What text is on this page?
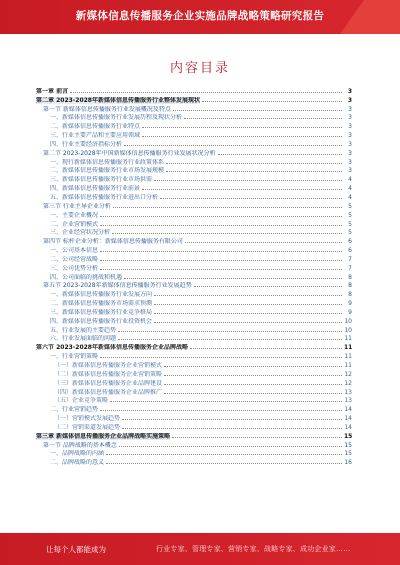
新媒体信息传播服务企业实施品牌战略策略研究报告
内容目录
第一章 前言	3
第二章 2023-2028年新媒体信息传播服务行业整体发展现状	3
第一节 新媒体信息传播服务行业发展概况及特点	3
一、新媒体信息传播服务行业发展历程及现状分析	3
二、新媒体信息传播服务行业特点	3
三、行业主要产品和主要应用领域	3
四、行业主要经济指标分析	3
第二节 2023-2028年中国新媒体信息传播服务行业发展状况分析	3
一、现行新媒体信息传播服务行业政策体系	3
二、新媒体信息传播服务行业市场发展规模	3
三、新媒体信息传播服务行业市场供需	4
四、新媒体信息传播服务行业前景	4
五、新媒体信息传播服务行业进出口分析	4
第三节 行业主导企业分析	5
一、主要企业概况	5
二、企业营销模式	5
三、企业经营状况分析	5
第四节 标杆企业分析：新媒体信息传播服务有限公司	6
一、公司基本信息	6
二、公司经营战略	7
三、公司优势分析	7
四、公司面临的挑战和机遇	8
第五节 2023-2028年新媒体信息传播服务行业发展趋势	8
一、新媒体信息传播服务行业发展方向	8
二、新媒体信息传播服务市场需求预测	9
三、新媒体信息传播服务行业竞争格局	9
四、新媒体信息传播服务行业投资机会	10
五、行业发展的主要趋势	10
六、行业发展面临的问题	11
第六节 2023-2028年新媒体信息传播服务企业品牌战略	11
一、行业营销策略	11
（一）新媒体信息传播服务企业营销模式	11
（二）新媒体信息传播服务企业营销策略	12
（三）新媒体信息传播服务企业品牌建设	12
（四）新媒体信息传播服务企业品牌推广	13
（五）企业竞争策略	13
二、行业营销趋势	14
（一）营销模式发展趋势	14
（二）营销渠道发展趋势	14
第三章 新媒体信息传播服务企业品牌战略实施策略	15
第一节 品牌战略的基本概念	15
一、品牌战略的内涵	15
二、品牌战略的意义	16
让每个人都能成为	行业专家、管理专家、营销专家、战略专家、成功企业家……
